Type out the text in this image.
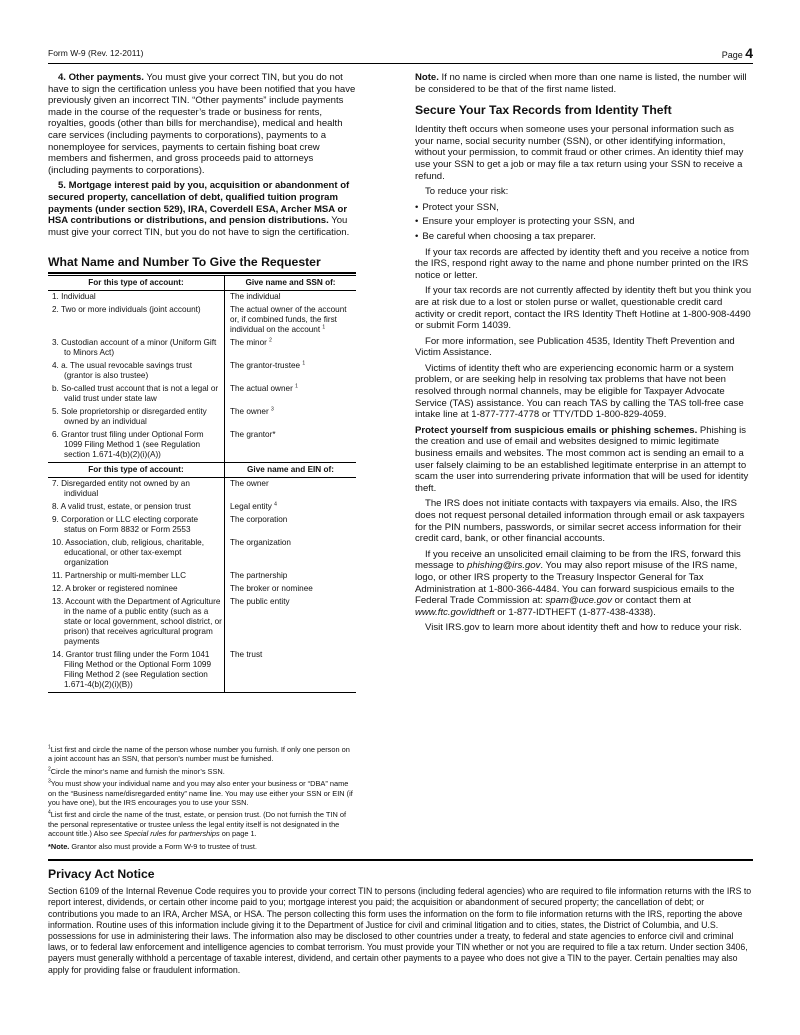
Form W-9 (Rev. 12-2011)	Page 4

4. Other payments. You must give your correct TIN, but you do not have to sign the certification unless you have been notified that you have previously given an incorrect TIN. “Other payments” include payments made in the course of the requester’s trade or business for rents, royalties, goods (other than bills for merchandise), medical and health care services (including payments to corporations), payments to a nonemployee for services, payments to certain fishing boat crew members and fishermen, and gross proceeds paid to attorneys (including payments to corporations).

5. Mortgage interest paid by you, acquisition or abandonment of secured property, cancellation of debt, qualified tuition program payments (under section 529), IRA, Coverdell ESA, Archer MSA or HSA contributions or distributions, and pension distributions. You must give your correct TIN, but you do not have to sign the certification.

What Name and Number To Give the Requester
For this type of account:	Give name and SSN of:

1. Individual	The individual

2. Two or more individuals (joint account)	The actual owner of the account or, if combined funds, the first individual on the account $^1$

3. Custodian account of a minor (Uniform Gift to Minors Act)	The minor $^2$

4. a. The usual revocable savings trust (grantor is also trustee)	The grantor-trustee $^1$

b. So-called trust account that is not a legal or valid trust under state law	The actual owner $^1$

5. Sole proprietorship or disregarded entity owned by an individual	The owner $^3$

6. Grantor trust filing under Optional Form 1099 Filing Method 1 (see Regulation section 1.671-4(b)(2)(i)(A))	The grantor*
For this type of account:	Give name and EIN of:

7. Disregarded entity not owned by an individual	The owner

8. A valid trust, estate, or pension trust	Legal entity $^4$

9. Corporation or LLC electing corporate status on Form 8832 or Form 2553	The corporation

10. Association, club, religious, charitable, educational, or other tax-exempt organization	The organization

11. Partnership or multi-member LLC	The partnership

12. A broker or registered nominee	The broker or nominee

13. Account with the Department of Agriculture in the name of a public entity (such as a state or local government, school district, or prison) that receives agricultural program payments	The public entity

14. Grantor trust filing under the Form 1041 Filing Method or the Optional Form 1099 Filing Method 2 (see Regulation section 1.671-4(b)(2)(i)(B))	The trust

$^1$List first and circle the name of the person whose number you furnish. If only one person on a joint account has an SSN, that person’s number must be furnished.

$^2$Circle the minor’s name and furnish the minor’s SSN.

$^3$You must show your individual name and you may also enter your business or “DBA” name on the “Business name/disregarded entity” name line. You may use either your SSN or EIN (if you have one), but the IRS encourages you to use your SSN.

$^4$List first and circle the name of the trust, estate, or pension trust. (Do not furnish the TIN of the personal representative or trustee unless the legal entity itself is not designated in the account title.) Also see Special rules for partnerships on page 1.

*Note. Grantor also must provide a Form W-9 to trustee of trust.

Note. If no name is circled when more than one name is listed, the number will be considered to be that of the first name listed.

Secure Your Tax Records from Identity Theft

Identity theft occurs when someone uses your personal information such as your name, social security number (SSN), or other identifying information, without your permission, to commit fraud or other crimes. An identity thief may use your SSN to get a job or may file a tax return using your SSN to receive a refund.

To reduce your risk:

• Protect your SSN,
• Ensure your employer is protecting your SSN, and
• Be careful when choosing a tax preparer.

If your tax records are affected by identity theft and you receive a notice from the IRS, respond right away to the name and phone number printed on the IRS notice or letter.

If your tax records are not currently affected by identity theft but you think you are at risk due to a lost or stolen purse or wallet, questionable credit card activity or credit report, contact the IRS Identity Theft Hotline at 1-800-908-4490 or submit Form 14039.

For more information, see Publication 4535, Identity Theft Prevention and Victim Assistance.

Victims of identity theft who are experiencing economic harm or a system problem, or are seeking help in resolving tax problems that have not been resolved through normal channels, may be eligible for Taxpayer Advocate Service (TAS) assistance. You can reach TAS by calling the TAS toll-free case intake line at 1-877-777-4778 or TTY/TDD 1-800-829-4059.

Protect yourself from suspicious emails or phishing schemes. Phishing is the creation and use of email and websites designed to mimic legitimate business emails and websites. The most common act is sending an email to a user falsely claiming to be an established legitimate enterprise in an attempt to scam the user into surrendering private information that will be used for identity theft.

The IRS does not initiate contacts with taxpayers via emails. Also, the IRS does not request personal detailed information through email or ask taxpayers for the PIN numbers, passwords, or similar secret access information for their credit card, bank, or other financial accounts.

If you receive an unsolicited email claiming to be from the IRS, forward this message to phishing@irs.gov. You may also report misuse of the IRS name, logo, or other IRS property to the Treasury Inspector General for Tax Administration at 1-800-366-4484. You can forward suspicious emails to the Federal Trade Commission at: spam@uce.gov or contact them at www.ftc.gov/idtheft or 1-877-IDTHEFT (1-877-438-4338).

Visit IRS.gov to learn more about identity theft and how to reduce your risk.

Privacy Act Notice

Section 6109 of the Internal Revenue Code requires you to provide your correct TIN to persons (including federal agencies) who are required to file information returns with the IRS to report interest, dividends, or certain other income paid to you; mortgage interest you paid; the acquisition or abandonment of secured property; the cancellation of debt; or contributions you made to an IRA, Archer MSA, or HSA. The person collecting this form uses the information on the form to file information returns with the IRS, reporting the above information. Routine uses of this information include giving it to the Department of Justice for civil and criminal litigation and to cities, states, the District of Columbia, and U.S. possessions for use in administering their laws. The information also may be disclosed to other countries under a treaty, to federal and state agencies to enforce civil and criminal laws, or to federal law enforcement and intelligence agencies to combat terrorism. You must provide your TIN whether or not you are required to file a tax return. Under section 3406, payers must generally withhold a percentage of taxable interest, dividend, and certain other payments to a payee who does not give a TIN to the payer. Certain penalties may also apply for providing false or fraudulent information.
